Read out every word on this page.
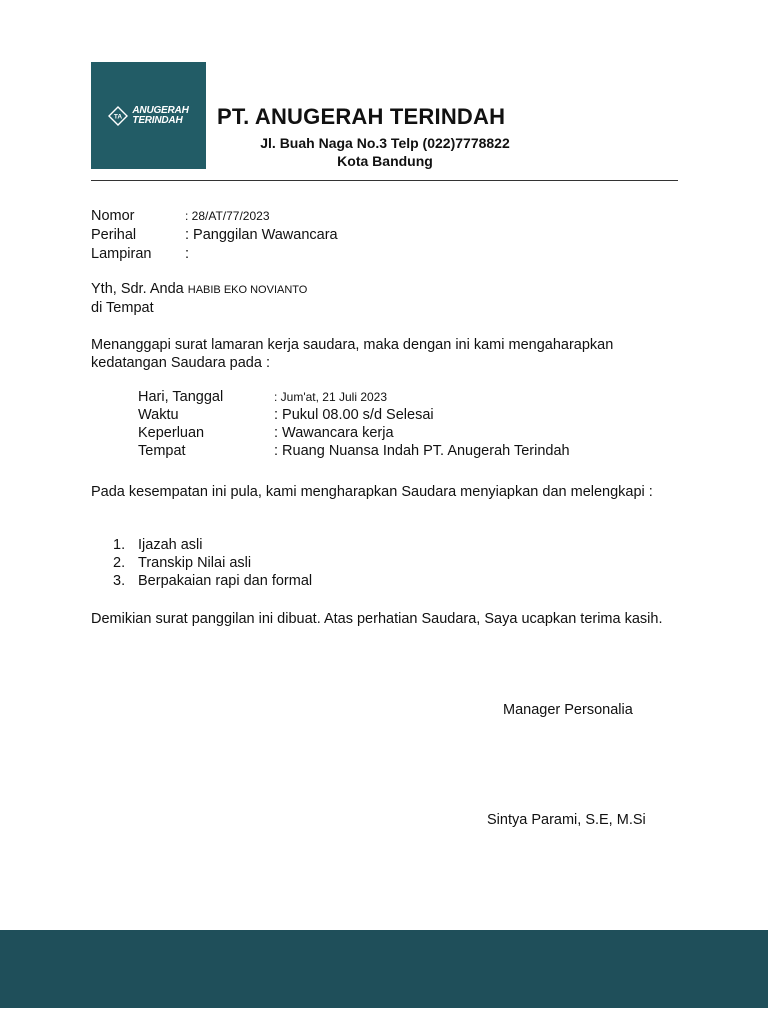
TA
ANUGERAH
TERINDAH PT. ANUGERAH TERINDAH
Jl. Buah Naga No.3 Telp (022)7778822
Kota Bandung
Nomor	: 28/AT/77/2023
Perihal	: Panggilan Wawancara
Lampiran	:
Yth, Sdr. Anda HABIB EKO NOVIANTO
di Tempat
Menanggapi surat lamaran kerja saudara, maka dengan ini kami mengaharapkan kedatangan Saudara pada :
Hari, Tanggal	: Jum'at, 21 Juli 2023
Waktu	: Pukul 08.00 s/d Selesai
Keperluan	: Wawancara kerja
Tempat	: Ruang Nuansa Indah PT. Anugerah Terindah
Pada kesempatan ini pula, kami mengharapkan Saudara menyiapkan dan melengkapi :
1. Ijazah asli
2. Transkip Nilai asli
3. Berpakaian rapi dan formal
Demikian surat panggilan ini dibuat. Atas perhatian Saudara, Saya ucapkan terima kasih.
Manager Personalia
Sintya Parami, S.E, M.Si
